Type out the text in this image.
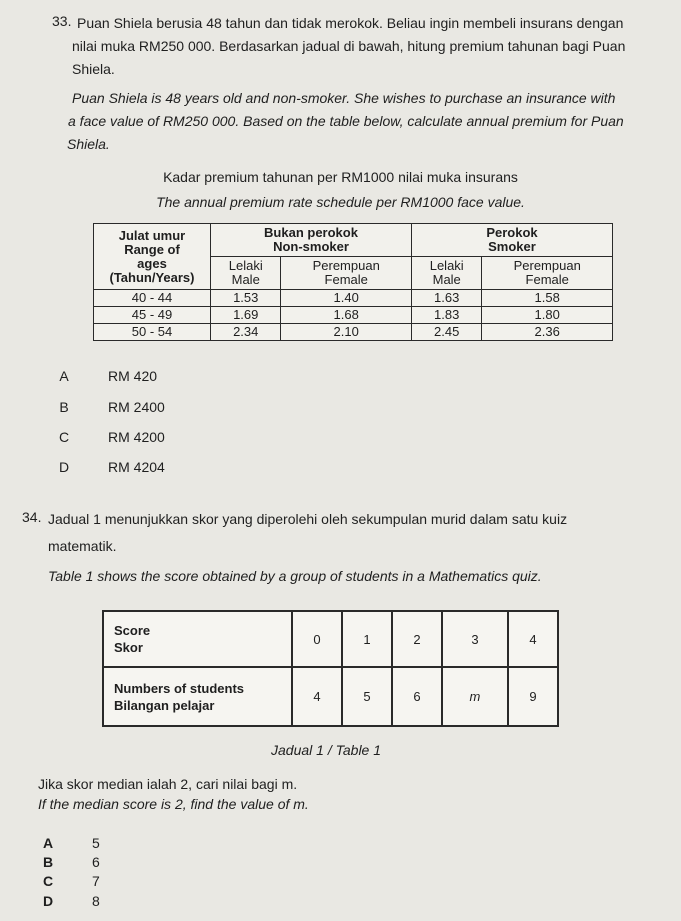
33. Puan Shiela berusia 48 tahun dan tidak merokok. Beliau ingin membeli insurans dengan
nilai muka RM250 000. Berdasarkan jadual di bawah, hitung premium tahunan bagi Puan
Shiela.
Puan Shiela is 48 years old and non-smoker. She wishes to purchase an insurance with
a face value of RM250 000. Based on the table below, calculate annual premium for Puan
Shiela.
Kadar premium tahunan per RM1000 nilai muka insurans
The annual premium rate schedule per RM1000 face value.
Julat umur
Range of
ages
(Tahun/Years)	Bukan perokok
Non-smoker		Perokok
Smoker	
	Lelaki
Male	Perempuan
Female	Lelaki
Male	Perempuan
Female
40 - 44	1.53	1.40	1.63	1.58
45 - 49	1.69	1.68	1.83	1.80
50 - 54	2.34	2.10	2.45	2.36
A	RM 420
B	RM 2400
C	RM 4200
D	RM 4204
34. Jadual 1 menunjukkan skor yang diperolehi oleh sekumpulan murid dalam satu kuiz
matematik.
Table 1 shows the score obtained by a group of students in a Mathematics quiz.
Score
Skor	0	1	2	3	4
Numbers of students
Bilangan pelajar	4	5	6	m	9
Jadual 1 / Table 1
Jika skor median ialah 2, cari nilai bagi m.
If the median score is 2, find the value of m.
A	5
B	6
C	7
D	8
